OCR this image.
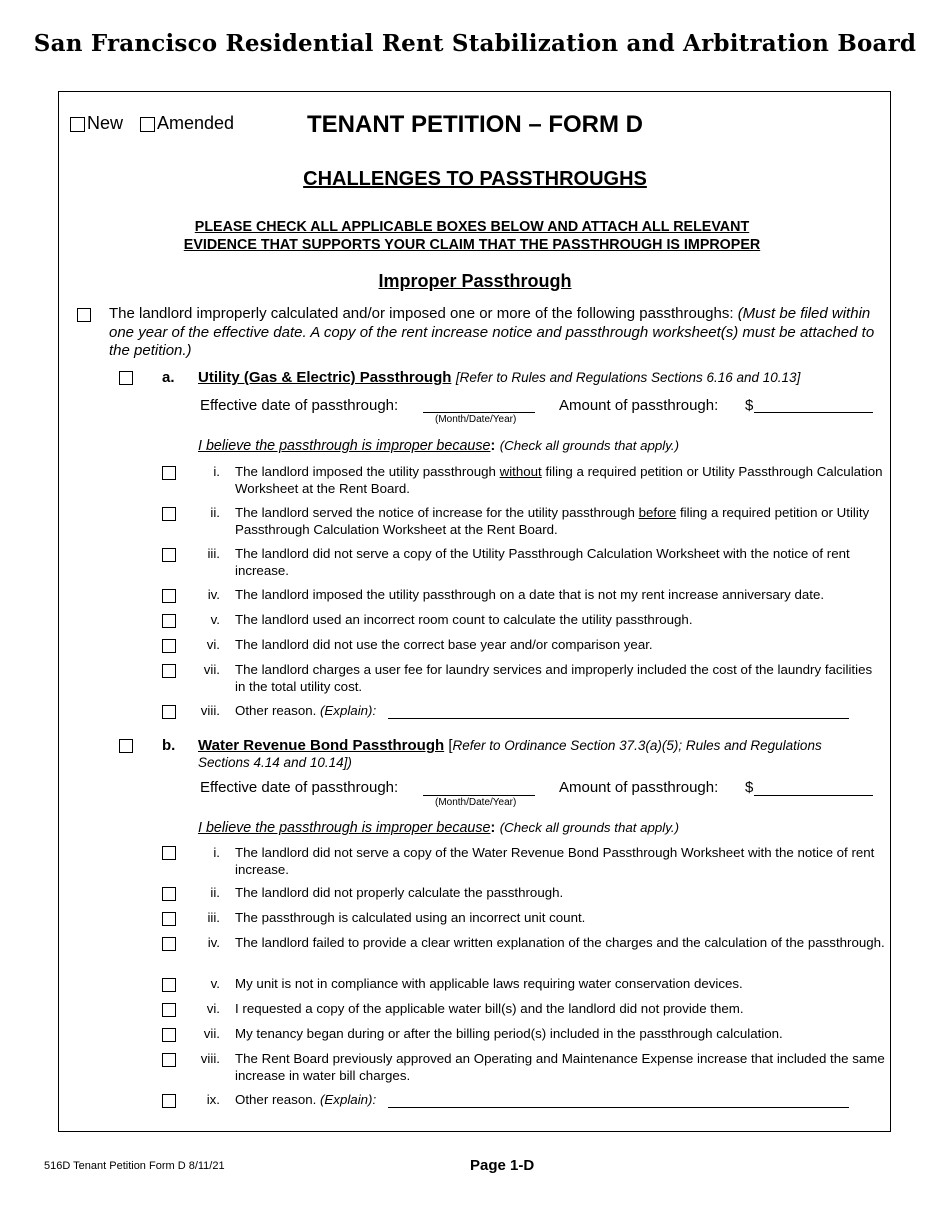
San Francisco Residential Rent Stabilization and Arbitration Board
New Amended	TENANT PETITION – FORM D
CHALLENGES TO PASSTHROUGHS
PLEASE CHECK ALL APPLICABLE BOXES BELOW AND ATTACH ALL RELEVANT
EVIDENCE THAT SUPPORTS YOUR CLAIM THAT THE PASSTHROUGH IS IMPROPER
Improper Passthrough
The landlord improperly calculated and/or imposed one or more of the following passthroughs: (Must be filed within one year of the effective date. A copy of the rent increase notice and passthrough worksheet(s) must be attached to the petition.)
a. Utility (Gas & Electric) Passthrough [Refer to Rules and Regulations Sections 6.16 and 10.13]
Effective date of passthrough:
(Month/Date/Year)
Amount of passthrough: $
I believe the passthrough is improper because: (Check all grounds that apply.)
i. The landlord imposed the utility passthrough without filing a required petition or Utility Passthrough Calculation Worksheet at the Rent Board.
ii. The landlord served the notice of increase for the utility passthrough before filing a required petition or Utility Passthrough Calculation Worksheet at the Rent Board.
iii. The landlord did not serve a copy of the Utility Passthrough Calculation Worksheet with the notice of rent increase.
iv. The landlord imposed the utility passthrough on a date that is not my rent increase anniversary date.
v. The landlord used an incorrect room count to calculate the utility passthrough.
vi. The landlord did not use the correct base year and/or comparison year.
vii. The landlord charges a user fee for laundry services and improperly included the cost of the laundry facilities in the total utility cost.
viii. Other reason. (Explain):
b. Water Revenue Bond Passthrough [Refer to Ordinance Section 37.3(a)(5); Rules and Regulations Sections 4.14 and 10.14])
Effective date of passthrough:
(Month/Date/Year)
Amount of passthrough: $
I believe the passthrough is improper because: (Check all grounds that apply.)
i. The landlord did not serve a copy of the Water Revenue Bond Passthrough Worksheet with the notice of rent increase.
ii. The landlord did not properly calculate the passthrough.
iii. The passthrough is calculated using an incorrect unit count.
iv. The landlord failed to provide a clear written explanation of the charges and the calculation of the passthrough.
v. My unit is not in compliance with applicable laws requiring water conservation devices.
vi. I requested a copy of the applicable water bill(s) and the landlord did not provide them.
vii. My tenancy began during or after the billing period(s) included in the passthrough calculation.
viii. The Rent Board previously approved an Operating and Maintenance Expense increase that included the same increase in water bill charges.
ix. Other reason. (Explain):
516D Tenant Petition Form D 8/11/21	Page 1-D
